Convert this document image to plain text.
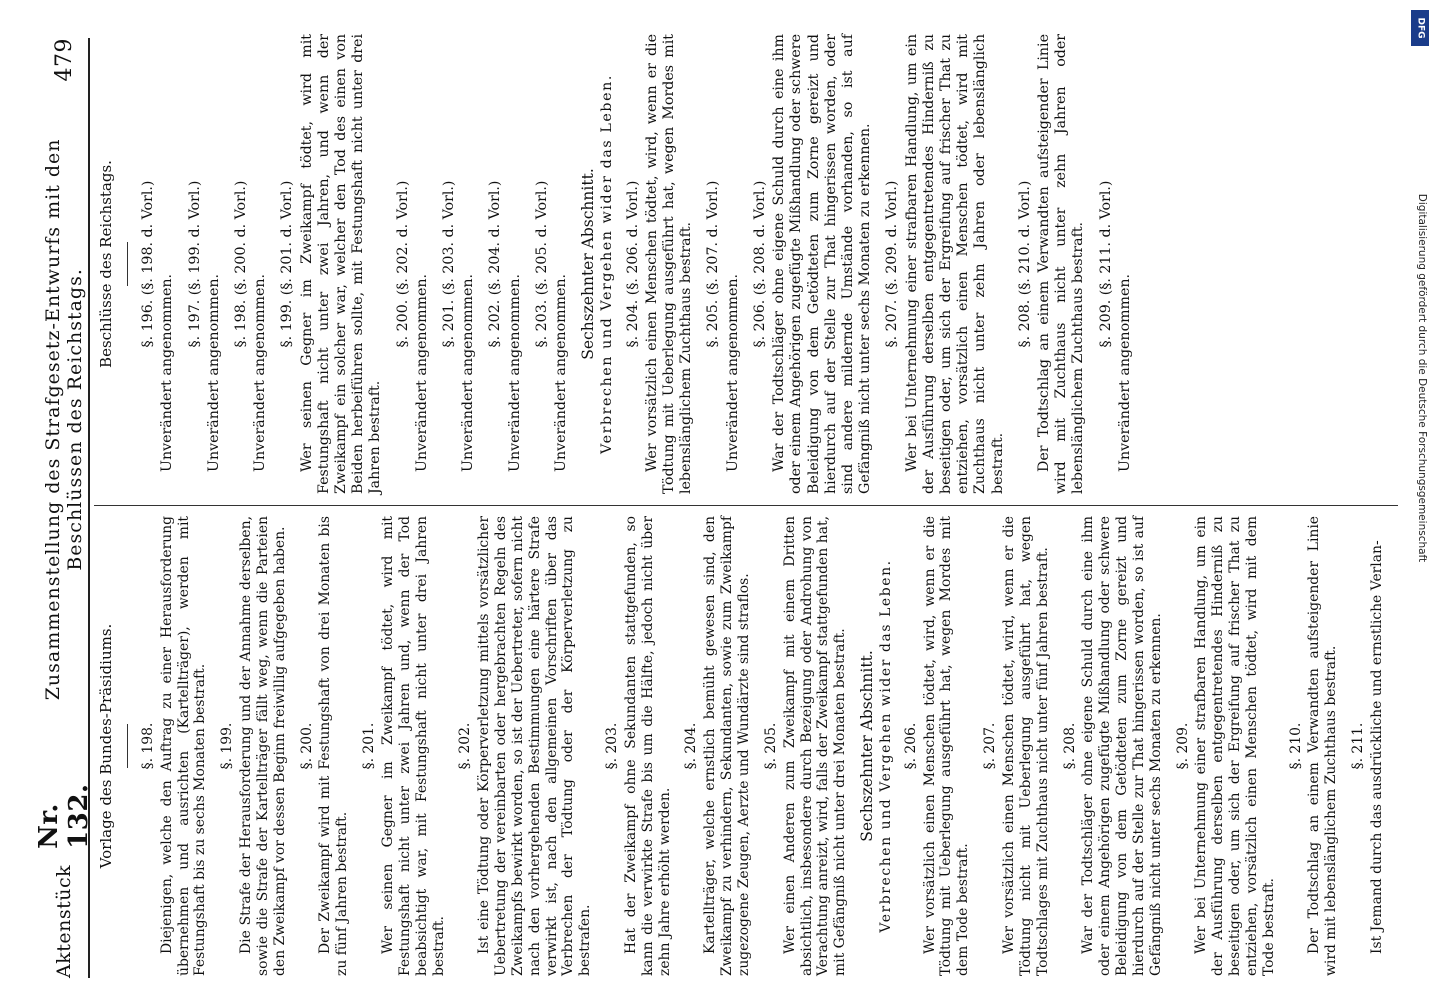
Aktenstück
Nr. 132.
Zusammenstellung des Strafgesetz-Entwurfs mit den Beschlüssen des Reichstags.
479
Vorlage des Bundes-Präsidiums. §. 198. Diejenigen, welche den Auftrag zu einer Herausforderung übernehmen und ausrichten (Kartellträger), werden mit Festungshaft bis zu sechs Monaten bestraft. §. 199. Die Strafe der Herausforderung und der Annahme derselben, sowie die Strafe der Kartellträger fällt weg, wenn die Parteien den Zweikampf vor dessen Beginn freiwillig aufgegeben haben. §. 200. Der Zweikampf wird mit Festungshaft von drei Monaten bis zu fünf Jahren bestraft.
§. 201. Wer seinen Gegner im Zweikampf tödtet, wird mit Festungshaft nicht unter zwei Jahren und, wenn der Tod beabsichtigt war, mit Festungshaft nicht unter drei Jahren bestraft.
§. 202. Ist eine Tödtung oder Körperverletzung mittels vorsätzlicher Uebertretung der vereinbarten oder hergebrachten Regeln des Zweikampfs bewirkt worden, so ist der Uebertreter, sofern nicht nach den vorhergehenden Bestimmungen eine härtere Strafe verwirkt ist, nach den allgemeinen Vorschriften über das Verbrechen der Tödtung oder der Körperverletzung zu bestrafen.
§. 203. Hat der Zweikampf ohne Sekundanten stattgefunden, so kann die verwirkte Strafe bis um die Hälfte, jedoch nicht über zehn Jahre erhöht werden.
§. 204. Kartellträger, welche ernstlich bemüht gewesen sind, den Zweikampf zu verhindern, Sekundanten, sowie zum Zweikampf zugezogene Zeugen, Aerzte und Wundärzte sind straflos. §. 205. Wer einen Anderen zum Zweikampf mit einem Dritten absichtlich, insbesondere durch Bezeigung oder Androhung von Verachtung anreizt, wird, falls der Zweikampf stattgefunden hat, mit Gefängniß nicht unter drei Monaten bestraft. Sechszehnter Abschnitt. Verbrechen und Vergehen wider das Leben. §. 206. Wer vorsätzlich einen Menschen tödtet, wird, wenn er die Tödtung mit Ueberlegung ausgeführt hat, wegen Mordes mit dem Tode bestraft.
§. 207. Wer vorsätzlich einen Menschen tödtet, wird, wenn er die Tödtung nicht mit Ueberlegung ausgeführt hat, wegen Todtschlages mit Zuchthaus nicht unter fünf Jahren bestraft. §. 208. War der Todtschläger ohne eigene Schuld durch eine ihm oder einem Angehörigen zugefügte Mißhandlung oder schwere Beleidigung von dem Getödteten zum Zorne gereizt und hierdurch auf der Stelle zur That hingerissen worden, so ist auf Gefängniß nicht unter sechs Monaten zu erkennen. §. 209. Wer bei Unternehmung einer strafbaren Handlung, um ein der Ausführung derselben entgegentretendes Hinderniß zu beseitigen oder, um sich der Ergreifung auf frischer That zu entziehen, vorsätzlich einen Menschen tödtet, wird mit dem Tode bestraft.
§. 210. Der Todtschlag an einem Verwandten aufsteigender Linie wird mit lebenslänglichem Zuchthaus bestraft. §. 211. Ist Jemand durch das ausdrückliche und ernstliche Verlan-
Beschlüsse des Reichstags. §. 196. (§. 198. d. Vorl.)
Unverändert angenommen.
§. 197. (§. 199. d. Vorl.)
Unverändert angenommen.
§. 198. (§. 200. d. Vorl.)
Unverändert angenommen.
§. 199. (§. 201. d. Vorl.) Wer seinen Gegner im Zweikampf tödtet, wird mit Festungshaft nicht unter zwei Jahren, und wenn der Zweikampf ein solcher war, welcher den Tod des einen von Beiden herbeiführen sollte, mit Festungshaft nicht unter drei Jahren bestraft.
§. 200. (§. 202. d. Vorl.)
Unverändert angenommen.
§. 201. (§. 203. d. Vorl.)
Unverändert angenommen.
§. 202. (§. 204. d. Vorl.)
Unverändert angenommen.
§. 203. (§. 205. d. Vorl.)
Unverändert angenommen.
Sechszehnter Abschnitt. Verbrechen und Vergehen wider das Leben. §. 204. (§. 206. d. Vorl.) Wer vorsätzlich einen Menschen tödtet, wird, wenn er die Tödtung mit Ueberlegung ausgeführt hat, wegen Mordes mit lebenslänglichem Zuchthaus bestraft. §. 205. (§. 207. d. Vorl.)
Unverändert angenommen.
§. 206. (§. 208. d. Vorl.) War der Todtschläger ohne eigene Schuld durch eine ihm oder einem Angehörigen zugefügte Mißhandlung oder schwere Beleidigung von dem Getödteten zum Zorne gereizt und hierdurch auf der Stelle zur That hingerissen worden, oder sind andere mildernde Umstände vorhanden, so ist auf Gefängniß nicht unter sechs Monaten zu erkennen. §. 207. (§. 209. d. Vorl.) Wer bei Unternehmung einer strafbaren Handlung, um ein der Ausführung derselben entgegentretendes Hinderniß zu beseitigen oder, um sich der Ergreifung auf frischer That zu entziehen, vorsätzlich einen Menschen tödtet, wird mit Zuchthaus nicht unter zehn Jahren oder lebenslänglich bestraft.
§. 208. (§. 210. d. Vorl.) Der Todtschlag an einem Verwandten aufsteigender Linie wird mit Zuchthaus nicht unter zehn Jahren oder lebenslänglichem Zuchthaus bestraft. §. 209. (§. 211. d. Vorl.)
Unverändert angenommen.
DFG
Digitalisierung gefördert durch die Deutsche Forschungsgemeinschaft
